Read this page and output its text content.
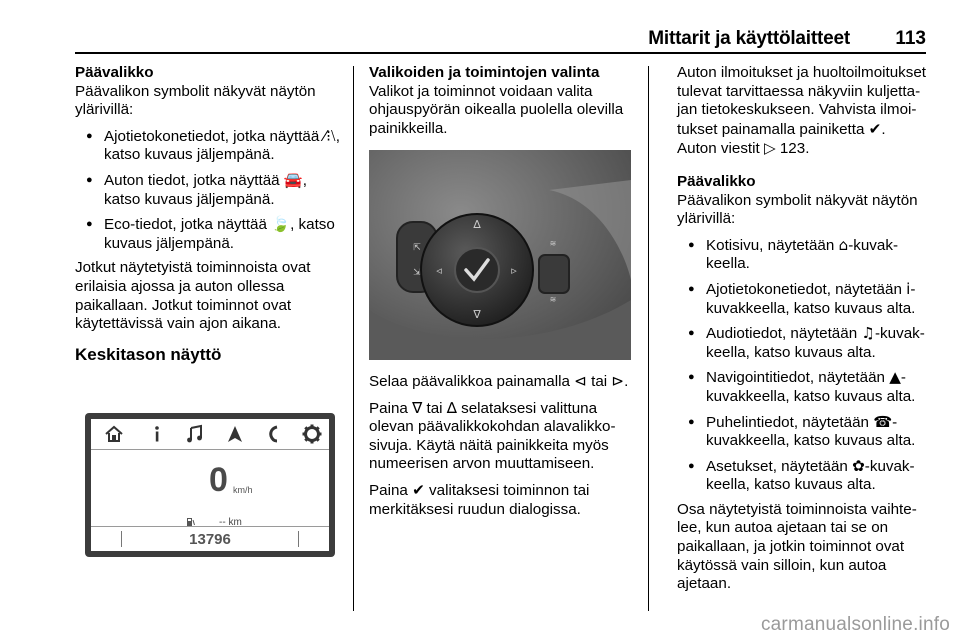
Mittarit ja käyttölaitteet 113

Päävalikko

Päävalikon symbolit näkyvät näytön ylärivillä:

● Ajotietokonetiedot, jotka näyttää ⁄⁝⧵, katso kuvaus jäljempänä.
● Auton tiedot, jotka näyttää 🚘, katso kuvaus jäljempänä.
● Eco-tiedot, jotka näyttää 🍃, katso kuvaus jäljempänä.

Jotkut näytetyistä toiminnoista ovat erilaisia ajossa ja auton ollessa paikallaan. Jotkut toiminnot ovat käytettävissä vain ajon aikana.

Keskitason näyttö

0 km/h
-- km
13796

Valikoiden ja toimintojen valinta

Valikot ja toiminnot voidaan valita ohjauspyörän oikealla puolella olevilla painikkeilla.

⇱
⇲
∆
∇
◃	▹
≋
≋

Selaa päävalikkoa painamalla ⊲ tai ⊳.

Paina ∇ tai ∆ selataksesi valittuna olevan päävalikkokohdan alavalikko-sivuja. Käytä näitä painikkeita myös numeerisen arvon muuttamiseen.

Paina ✔ valitaksesi toiminnon tai merkitäksesi ruudun dialogissa.

Auton ilmoitukset ja huoltoilmoitukset tulevat tarvittaessa näkyviin kuljettajan tietokeskukseen. Vahvista ilmoitukset painamalla painiketta ✔.
Auton viestit ▷ 123.

Päävalikko

Päävalikon symbolit näkyvät näytön ylärivillä:

● Kotisivu, näytetään ⌂-kuvakkeella.
● Ajotietokonetiedot, näytetään i-kuvakkeella, katso kuvaus alta.
● Audiotiedot, näytetään ♫-kuvakkeella, katso kuvaus alta.
● Navigointitiedot, näytetään ▲-kuvakkeella, katso kuvaus alta.
● Puhelintiedot, näytetään ☎-kuvakkeella, katso kuvaus alta.
● Asetukset, näytetään ✿-kuvakkeella, katso kuvaus alta.

Osa näytetyistä toiminnoista vaihtelee, kun autoa ajetaan tai se on paikallaan, ja jotkin toiminnot ovat käytössä vain silloin, kun autoa ajetaan.

carmanualsonline.info
